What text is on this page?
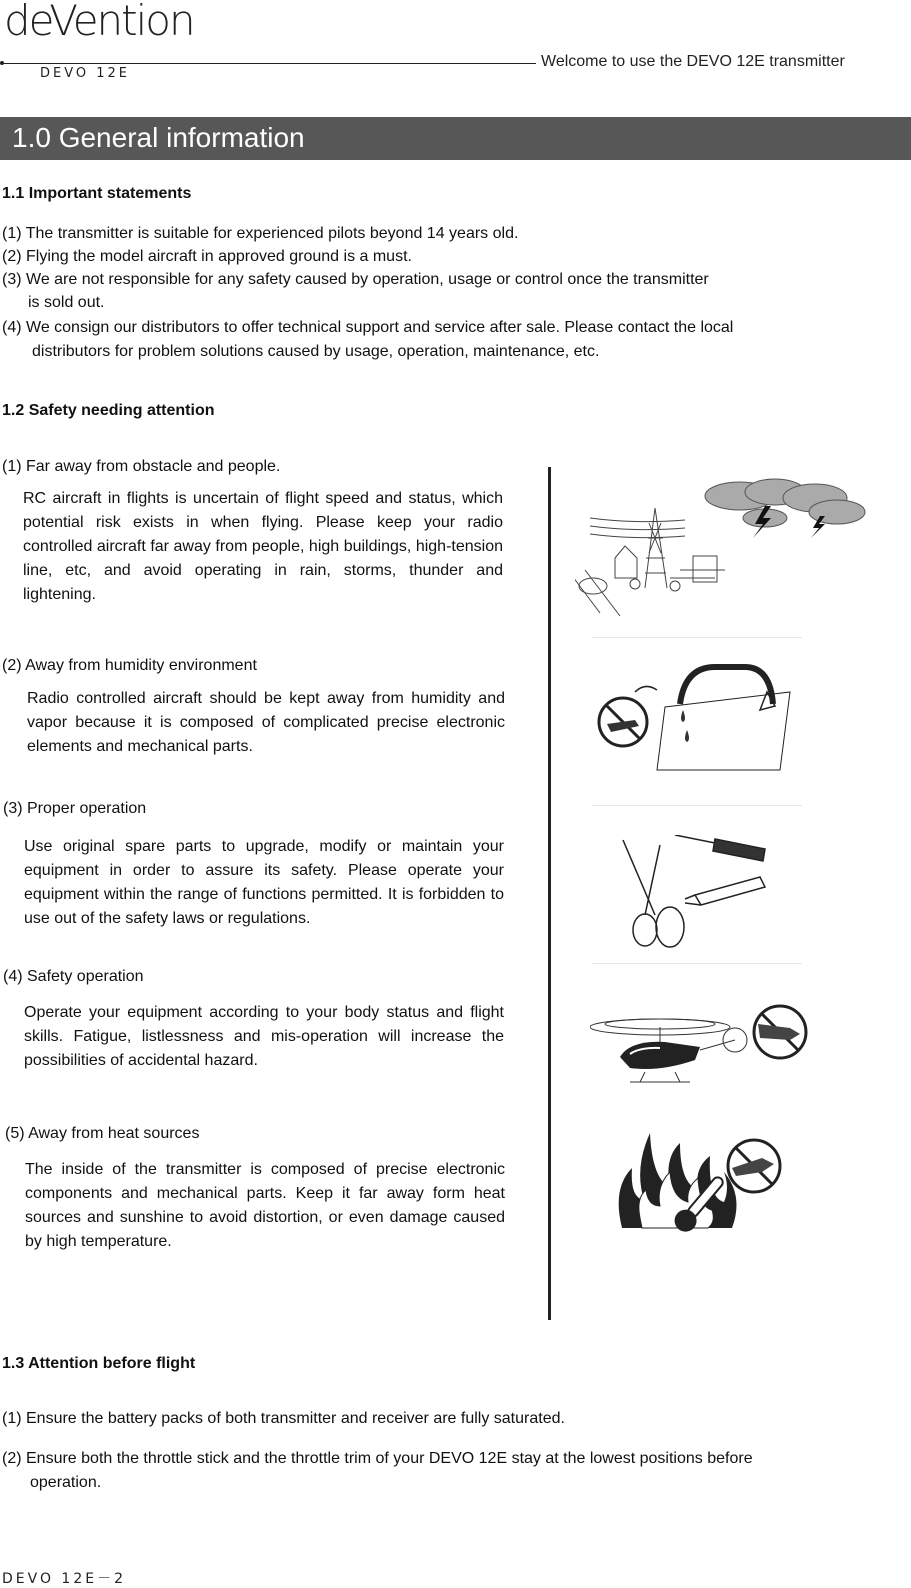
deVention
DEVO 12E
Welcome to use the DEVO 12E transmitter
1.0 General information
1.1 Important statements
(1) The transmitter is suitable for experienced pilots beyond 14 years old.
(2) Flying the model aircraft in approved ground is a must.
(3) We are not responsible for any safety caused by operation, usage or control once the transmitter
is sold out.
(4) We consign our distributors to offer technical support and service after sale. Please contact the local
distributors for problem solutions caused by usage, operation, maintenance, etc.
1.2 Safety needing attention
(1) Far away from obstacle and people.
RC aircraft in flights is uncertain of flight speed and status, which potential risk exists in when flying. Please keep your radio controlled aircraft far away from people, high buildings, high-tension line, etc, and avoid operating in rain, storms, thunder and lightening.
(2) Away from humidity environment
Radio controlled aircraft should be kept away from humidity and vapor because it is composed of complicated precise electronic elements and mechanical parts.
(3) Proper operation
Use original spare parts to upgrade, modify or maintain your equipment in order to assure its safety. Please operate your equipment within the range of functions permitted. It is forbidden to use out of the safety laws or regulations.
(4) Safety operation
Operate your equipment according to your body status and flight skills. Fatigue, listlessness and mis-operation will increase the possibilities of accidental hazard.
(5) Away from heat sources
The inside of the transmitter is composed of precise electronic components and mechanical parts. Keep it far away form heat sources and sunshine to avoid distortion, or even damage caused by high temperature.
1.3 Attention before flight
(1) Ensure the battery packs of both transmitter and receiver are fully saturated.
(2) Ensure both the throttle stick and the throttle trim of your DEVO 12E stay at the lowest positions before
operation.
DEVO 12E－2
